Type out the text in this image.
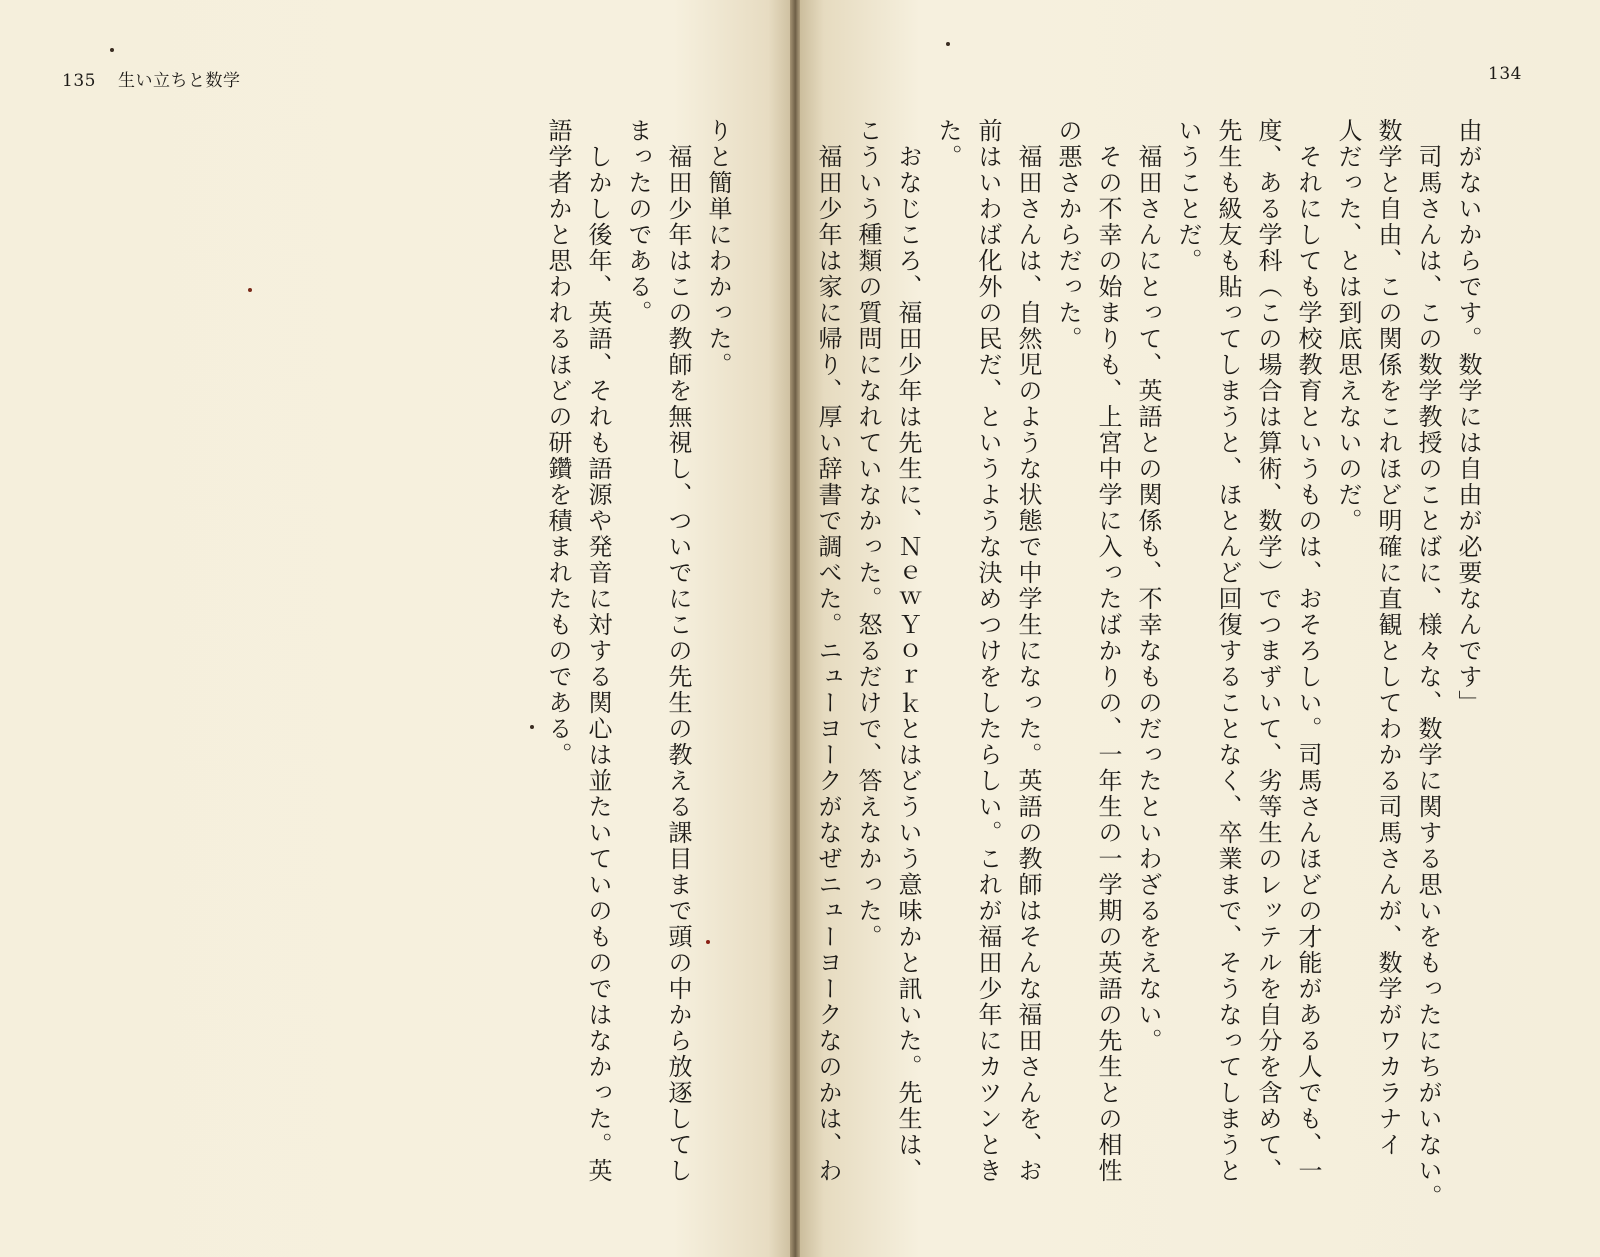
135 生い立ちと数学
りと簡単にわかった。
　福田少年はこの教師を無視し、ついでにこの先生の教える課目まで頭の中から放逐してし
まったのである。
　しかし後年、英語、それも語源や発音に対する関心は並たいていのものではなかった。英
語学者かと思われるほどの研鑽を積まれたものである。
134
由がないからです。数学には自由が必要なんです」
　司馬さんは、この数学教授のことばに、様々な、数学に関する思いをもったにちがいない。
数学と自由、この関係をこれほど明確に直観としてわかる司馬さんが、数学がワカラナイ
人だった、とは到底思えないのだ。
　それにしても学校教育というものは、おそろしい。司馬さんほどの才能がある人でも、一
度、ある学科（この場合は算術、数学）でつまずいて、劣等生のレッテルを自分を含めて、
先生も級友も貼ってしまうと、ほとんど回復することなく、卒業まで、そうなってしまうと
いうことだ。
　福田さんにとって、英語との関係も、不幸なものだったといわざるをえない。
　その不幸の始まりも、上宮中学に入ったばかりの、一年生の一学期の英語の先生との相性
の悪さからだった。
　福田さんは、自然児のような状態で中学生になった。英語の教師はそんな福田さんを、お
前はいわば化外の民だ、というような決めつけをしたらしい。これが福田少年にカツンとき
た。
　おなじころ、福田少年は先生に、ＮｅｗＹｏｒｋとはどういう意味かと訊いた。先生は、
こういう種類の質問になれていなかった。怒るだけで、答えなかった。
　福田少年は家に帰り、厚い辞書で調べた。ニューヨークがなぜニューヨークなのかは、わ
